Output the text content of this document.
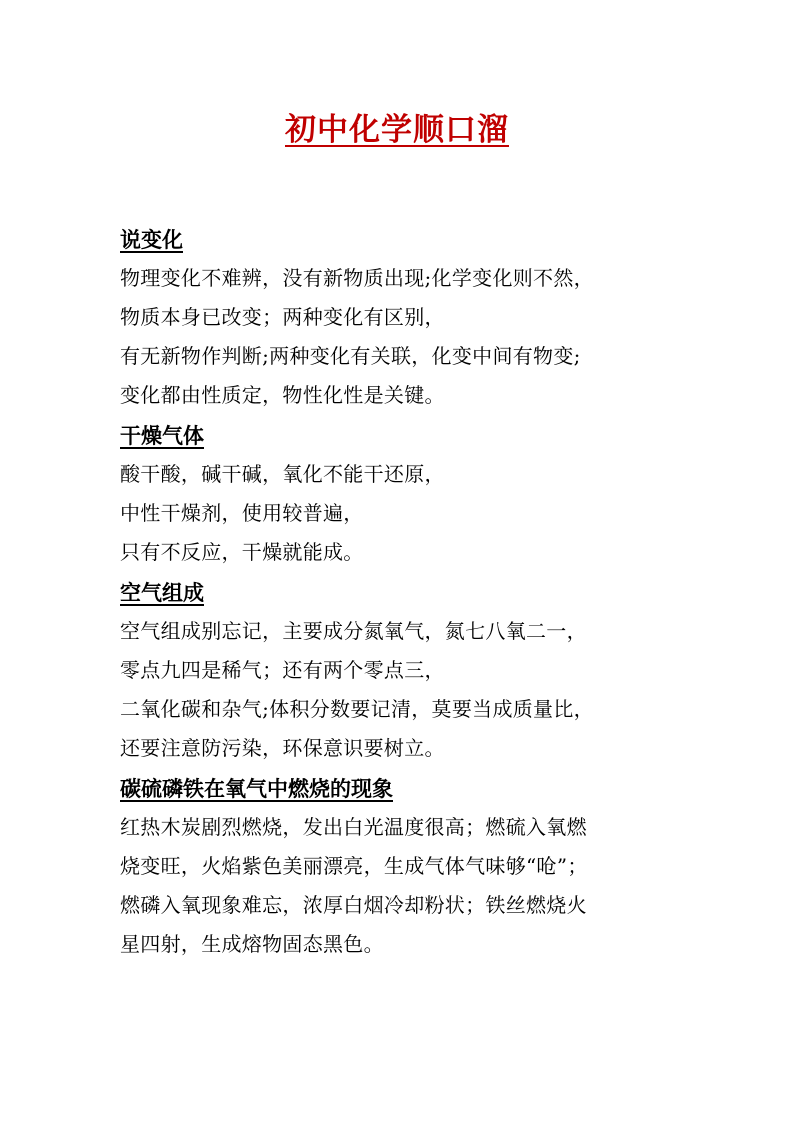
初中化学顺口溜
说变化
物理变化不难辨，没有新物质出现;化学变化则不然，
物质本身已改变；两种变化有区别，
有无新物作判断;两种变化有关联，化变中间有物变;
变化都由性质定，物性化性是关键。
干燥气体
酸干酸，碱干碱，氧化不能干还原，
中性干燥剂，使用较普遍，
只有不反应，干燥就能成。
空气组成
空气组成别忘记，主要成分氮氧气，氮七八氧二一，
零点九四是稀气；还有两个零点三，
二氧化碳和杂气;体积分数要记清，莫要当成质量比，
还要注意防污染，环保意识要树立。
碳硫磷铁在氧气中燃烧的现象
红热木炭剧烈燃烧，发出白光温度很高；燃硫入氧燃
烧变旺，火焰紫色美丽漂亮，生成气体气味够“呛”；
燃磷入氧现象难忘，浓厚白烟冷却粉状；铁丝燃烧火
星四射，生成熔物固态黑色。
